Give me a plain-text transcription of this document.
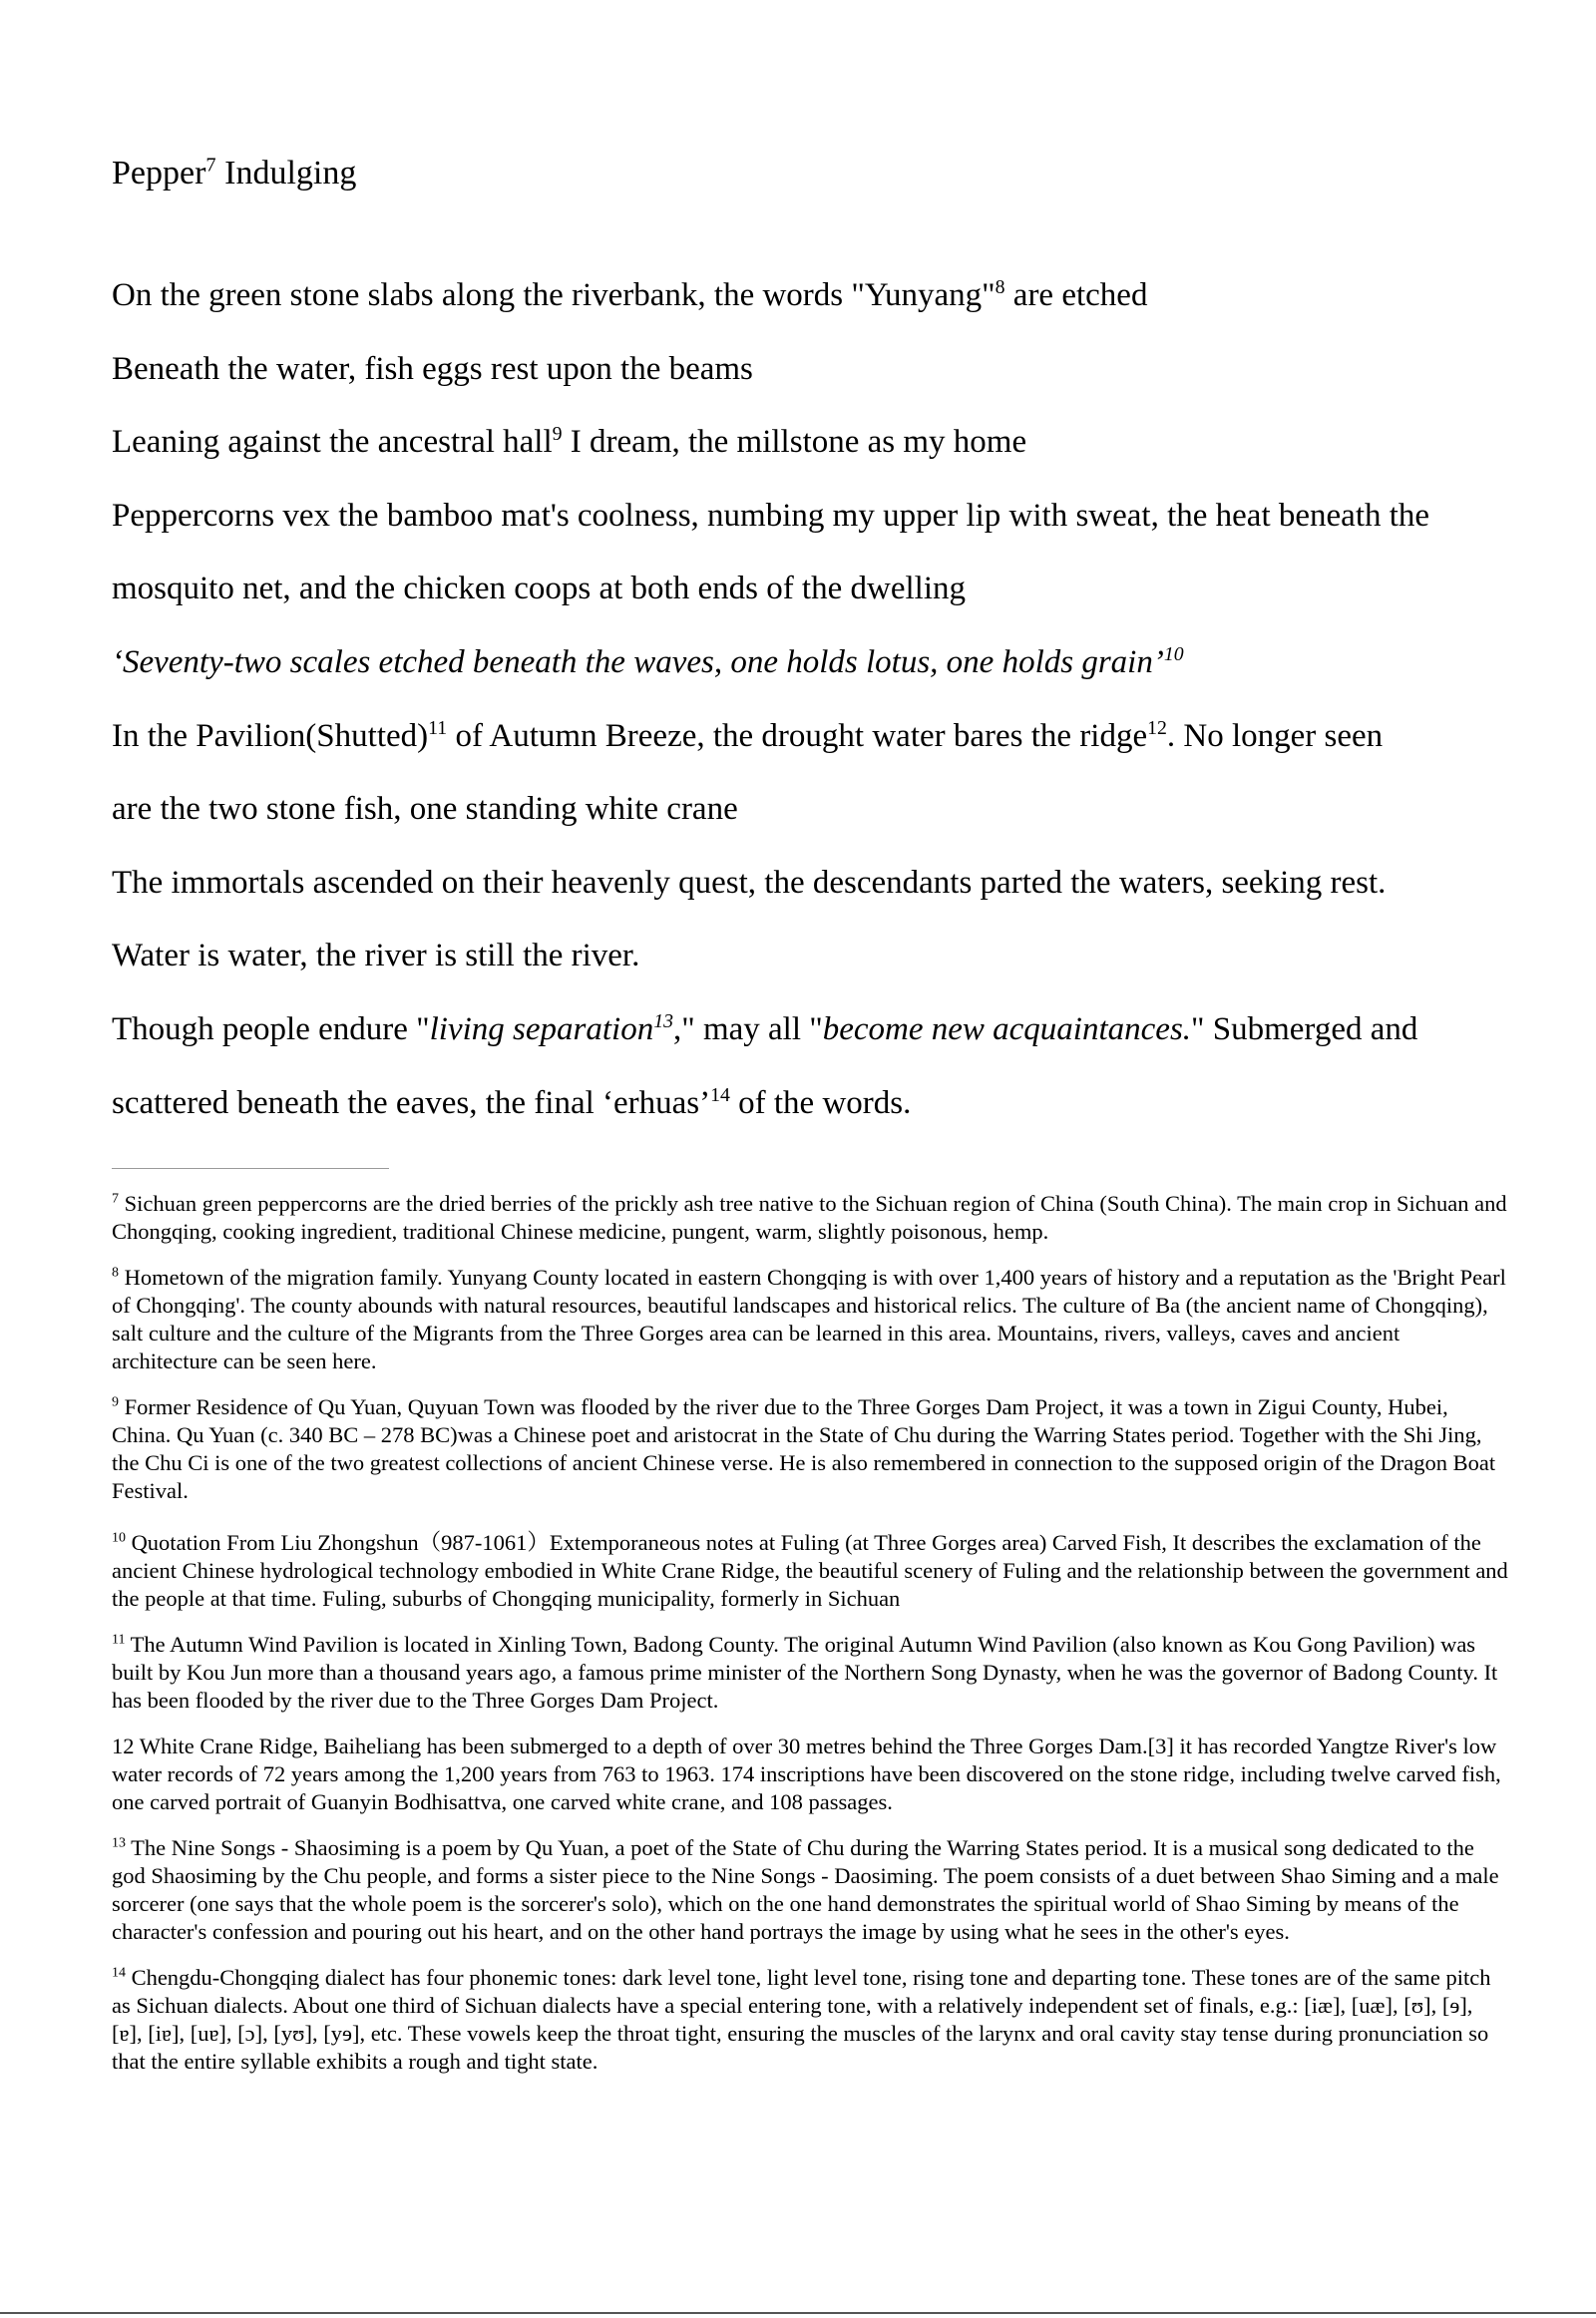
Pepper$^7$ Indulging

On the green stone slabs along the riverbank, the words "Yunyang"$^8$ are etched

Beneath the water, fish eggs rest upon the beams

Leaning against the ancestral hall$^9$ I dream, the millstone as my home

Peppercorns vex the bamboo mat's coolness, numbing my upper lip with sweat, the heat beneath the

mosquito net, and the chicken coops at both ends of the dwelling

‘Seventy-two scales etched beneath the waves, one holds lotus, one holds grain’$^{10}$

In the Pavilion(Shutted)$^{11}$ of Autumn Breeze, the drought water bares the ridge$^{12}$. No longer seen

are the two stone fish, one standing white crane

The immortals ascended on their heavenly quest, the descendants parted the waters, seeking rest.

Water is water, the river is still the river.

Though people endure "living separation$^{13}$," may all "become new acquaintances." Submerged and

scattered beneath the eaves, the final ‘erhuas’$^{14}$ of the words.

$^7$ Sichuan green peppercorns are the dried berries of the prickly ash tree native to the Sichuan region of China (South China). The main crop in Sichuan and Chongqing, cooking ingredient, traditional Chinese medicine, pungent, warm, slightly poisonous, hemp.

$^8$ Hometown of the migration family. Yunyang County located in eastern Chongqing is with over 1,400 years of history and a reputation as the 'Bright Pearl of Chongqing'. The county abounds with natural resources, beautiful landscapes and historical relics. The culture of Ba (the ancient name of Chongqing), salt culture and the culture of the Migrants from the Three Gorges area can be learned in this area. Mountains, rivers, valleys, caves and ancient architecture can be seen here.

$^9$ Former Residence of Qu Yuan, Quyuan Town was flooded by the river due to the Three Gorges Dam Project, it was a town in Zigui County, Hubei, China. Qu Yuan (c. 340 BC – 278 BC)was a Chinese poet and aristocrat in the State of Chu during the Warring States period. Together with the Shi Jing, the Chu Ci is one of the two greatest collections of ancient Chinese verse. He is also remembered in connection to the supposed origin of the Dragon Boat Festival.

$^{10}$ Quotation From Liu Zhongshun（987-1061）Extemporaneous notes at Fuling (at Three Gorges area) Carved Fish, It describes the exclamation of the ancient Chinese hydrological technology embodied in White Crane Ridge, the beautiful scenery of Fuling and the relationship between the government and the people at that time. Fuling, suburbs of Chongqing municipality, formerly in Sichuan

$^{11}$ The Autumn Wind Pavilion is located in Xinling Town, Badong County. The original Autumn Wind Pavilion (also known as Kou Gong Pavilion) was built by Kou Jun more than a thousand years ago, a famous prime minister of the Northern Song Dynasty, when he was the governor of Badong County. It has been flooded by the river due to the Three Gorges Dam Project.

12 White Crane Ridge, Baiheliang has been submerged to a depth of over 30 metres behind the Three Gorges Dam.[3] it has recorded Yangtze River's low water records of 72 years among the 1,200 years from 763 to 1963. 174 inscriptions have been discovered on the stone ridge, including twelve carved fish, one carved portrait of Guanyin Bodhisattva, one carved white crane, and 108 passages.

$^{13}$ The Nine Songs - Shaosiming is a poem by Qu Yuan, a poet of the State of Chu during the Warring States period. It is a musical song dedicated to the god Shaosiming by the Chu people, and forms a sister piece to the Nine Songs - Daosiming. The poem consists of a duet between Shao Siming and a male sorcerer (one says that the whole poem is the sorcerer's solo), which on the one hand demonstrates the spiritual world of Shao Siming by means of the character's confession and pouring out his heart, and on the other hand portrays the image by using what he sees in the other's eyes.

$^{14}$ Chengdu-Chongqing dialect has four phonemic tones: dark level tone, light level tone, rising tone and departing tone. These tones are of the same pitch as Sichuan dialects. About one third of Sichuan dialects have a special entering tone, with a relatively independent set of finals, e.g.: [iæ], [uæ], [ʊ], [ɘ], [ɐ], [iɐ], [uɐ], [ɔ], [yʊ], [yɘ], etc. These vowels keep the throat tight, ensuring the muscles of the larynx and oral cavity stay tense during pronunciation so that the entire syllable exhibits a rough and tight state.
